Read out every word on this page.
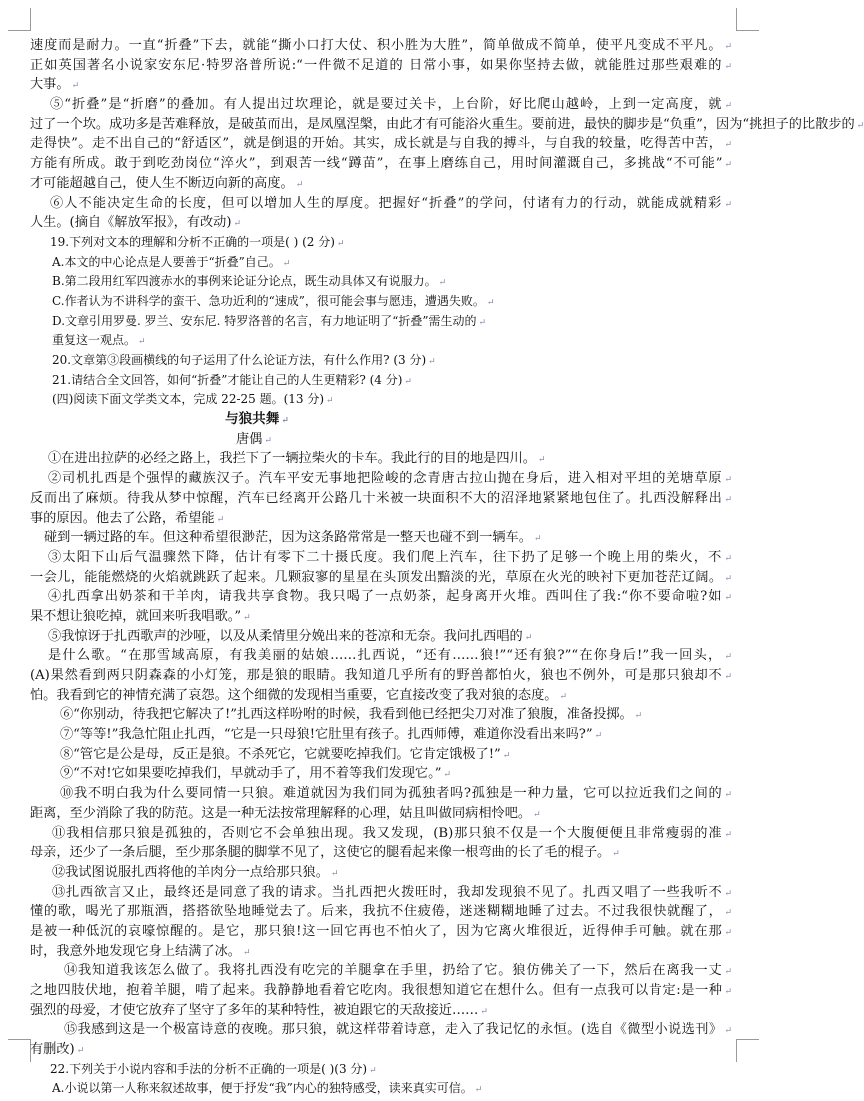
速度而是耐力。一直“折叠”下去，就能“撕小口打大仗、积小胜为大胜”，简单做成不简单，使平凡变成不平凡。 ↵
正如英国著名小说家安东尼·特罗洛普所说:“一件微不足道的 日常小事，如果你坚持去做，就能胜过那些艰难的 ↵
大事。 ↵
⑤“折叠”是“折磨”的叠加。有人提出过坎理论，就是要过关卡，上台阶，好比爬山越岭，上到一定高度，就 ↵
过了一个坎。成功多是苦难释放，是破茧而出，是凤凰涅槃，由此才有可能浴火重生。要前进，最快的脚步是“负重”，因为“挑担子的比散步的 ↵
走得快”。走不出自己的“舒适区”，就是倒退的开始。其实，成长就是与自我的搏斗，与自我的较量，吃得苦中苦， ↵
方能有所成。敢于到吃劲岗位“淬火”，到艰苦一线“蹲苗”，在事上磨练自己，用时间灌溉自己，多挑战“不可能” ↵
才可能超越自己，使人生不断迈向新的高度。 ↵
⑥人不能决定生命的长度，但可以增加人生的厚度。把握好“折叠”的学问，付诸有力的行动，就能成就精彩 ↵
人生。(摘自《解放军报》，有改动) ↵
19.下列对文本的理解和分析不正确的一项是( ) (2 分) ↵
A.本文的中心论点是人要善于“折叠”自己。 ↵
B.第二段用红军四渡赤水的事例来论证分论点，既生动具体又有说服力。 ↵
C.作者认为不讲科学的蛮干、急功近利的“速成”，很可能会事与愿违，遭遇失败。 ↵
D.文章引用罗曼. 罗兰、安东尼. 特罗洛普的名言，有力地证明了“折叠”需生动的 ↵
重复这一观点。 ↵
20.文章第③段画横线的句子运用了什么论证方法，有什么作用? (3 分) ↵
21.请结合全文回答，如何“折叠”才能让自己的人生更精彩? (4 分) ↵
(四)阅读下面文学类文本，完成 22-25 题。(13 分) ↵
与狼共舞 ↵
唐偶 ↵
①在进出拉萨的必经之路上，我拦下了一辆拉柴火的卡车。我此行的目的地是四川。 ↵
②司机扎西是个强悍的藏族汉子。汽车平安无事地把险峻的念青唐古拉山抛在身后，进入相对平坦的羌塘草原 ↵
反而出了麻烦。待我从梦中惊醒，汽车已经离开公路几十米被一块面积不大的沼泽地紧紧地包住了。扎西没解释出 ↵
事的原因。他去了公路，希望能 ↵
碰到一辆过路的车。但这种希望很渺茫，因为这条路常常是一整天也碰不到一辆车。 ↵
③太阳下山后气温骤然下降，估计有零下二十摄氏度。我们爬上汽车，往下扔了足够一个晚上用的柴火，不 ↵
一会儿，能能燃烧的火焰就跳跃了起来。几颗寂寥的星星在头顶发出黯淡的光，草原在火光的映衬下更加苍茫辽阔。 ↵
④扎西拿出奶茶和干羊肉，请我共享食物。我只喝了一点奶茶，起身离开火堆。西叫住了我:“你不要命啦?如 ↵
果不想让狼吃掉，就回来听我唱歌。” ↵
⑤我惊讶于扎西歌声的沙哑，以及从柔情里分娩出来的苍凉和无奈。我问扎西唱的 ↵
是什么歌。“在那雪域高原，有我美丽的姑娘……扎西说，“还有……狼!”“还有狼?”“在你身后!”我一回头， ↵
(A)果然看到两只阴森森的小灯笼，那是狼的眼睛。我知道几乎所有的野兽都怕火，狼也不例外，可是那只狼却不 ↵
怕。我看到它的神情充满了哀怨。这个细微的发现相当重要，它直接改变了我对狼的态度。 ↵
⑥“你别动，待我把它解决了!”扎西这样吩咐的时候，我看到他已经把尖刀对准了狼腹，准备投掷。 ↵
⑦“等等!”我急忙阻止扎西，“它是一只母狼!它肚里有孩子。扎西师傅，难道你没看出来吗?” ↵
⑧“管它是公是母，反正是狼。不杀死它，它就要吃掉我们。它肯定饿极了!” ↵
⑨“不对!它如果要吃掉我们，早就动手了，用不着等我们发现它。” ↵
⑩我不明白我为什么要同情一只狼。难道就因为我们同为孤独者吗?孤独是一种力量，它可以拉近我们之间的 ↵
距离，至少消除了我的防范。这是一种无法按常理解释的心理，姑且叫做同病相怜吧。 ↵
⑪我相信那只狼是孤独的，否则它不会单独出现。我又发现，(B)那只狼不仅是一个大腹便便且非常瘦弱的准 ↵
母亲，还少了一条后腿，至少那条腿的脚掌不见了，这使它的腿看起来像一根弯曲的长了毛的棍子。 ↵
⑫我试图说服扎西将他的羊肉分一点给那只狼。 ↵
⑬扎西欲言又止，最终还是同意了我的请求。当扎西把火拨旺时，我却发现狼不见了。扎西又唱了一些我听不 ↵
懂的歌，喝光了那瓶酒，搭搭欲坠地睡觉去了。后来，我抗不住疲倦，迷迷糊糊地睡了过去。不过我很快就醒了， ↵
是被一种低沉的哀嚎惊醒的。是它，那只狼!这一回它再也不怕火了，因为它离火堆很近，近得伸手可触。就在那 ↵
时，我意外地发现它身上结满了冰。 ↵
⑭我知道我该怎么做了。我将扎西没有吃完的羊腿拿在手里，扔给了它。狼仿佛关了一下，然后在离我一丈 ↵
之地四肢伏地，抱着羊腿，啃了起来。我静静地看着它吃肉。我很想知道它在想什么。但有一点我可以肯定:是一种 ↵
强烈的母爱，才使它放弃了坚守了多年的某种特性，被迫跟它的天敌接近…… ↵
⑮我感到这是一个极富诗意的夜晚。那只狼，就这样带着诗意，走入了我记忆的永恒。(选自《微型小说选刊》 ↵
有删改) ↵
22.下列关于小说内容和手法的分析不正确的一项是( )(3 分) ↵
A.小说以第一人称来叙述故事，便于抒发“我”内心的独特感受，读来真实可信。 ↵
